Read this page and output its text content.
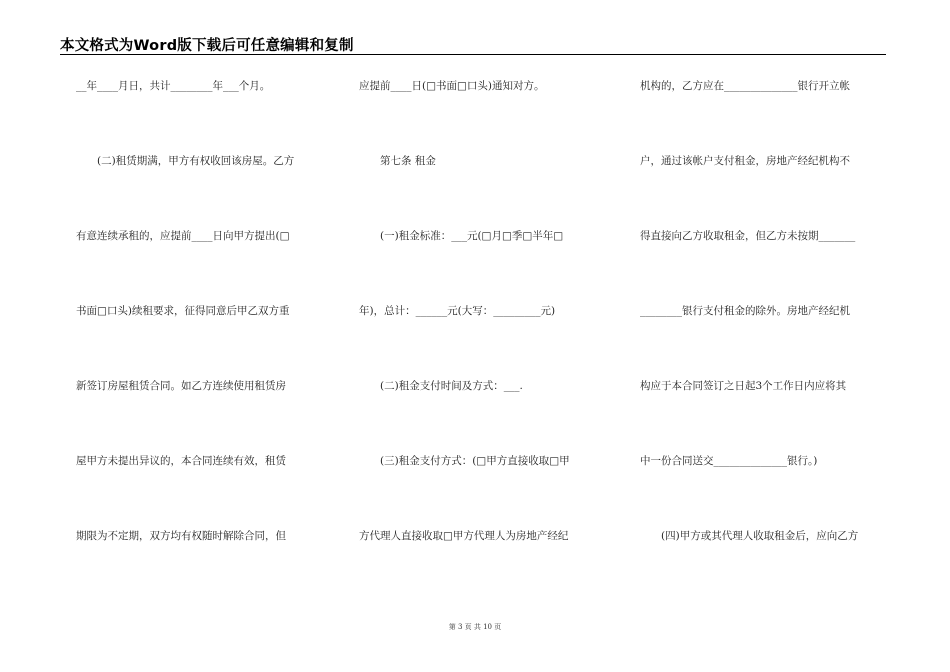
本文格式为Word版下载后可任意编辑和复制
__年____月日，共计________年___个月。
　　(二)租赁期满，甲方有权收回该房屋。乙方
有意连续承租的，应提前____日向甲方提出(□
书面□口头)续租要求，征得同意后甲乙双方重
新签订房屋租赁合同。如乙方连续使用租赁房
屋甲方未提出异议的，本合同连续有效，租赁
期限为不定期，双方均有权随时解除合同，但
应提前____日(□书面□口头)通知对方。
　　第七条 租金
　　(一)租金标准：___元(□月□季□半年□
年)，总计：______元(大写：_________元)
　　(二)租金支付时间及方式：___.
　　(三)租金支付方式：(□甲方直接收取□甲
方代理人直接收取□甲方代理人为房地产经纪
机构的，乙方应在______________银行开立帐
户，通过该帐户支付租金，房地产经纪机构不
得直接向乙方收取租金，但乙方未按期_______
________银行支付租金的除外。房地产经纪机
构应于本合同签订之日起3个工作日内应将其
中一份合同送交______________银行。)
　　(四)甲方或其代理人收取租金后，应向乙方
第 3 页 共 10 页
